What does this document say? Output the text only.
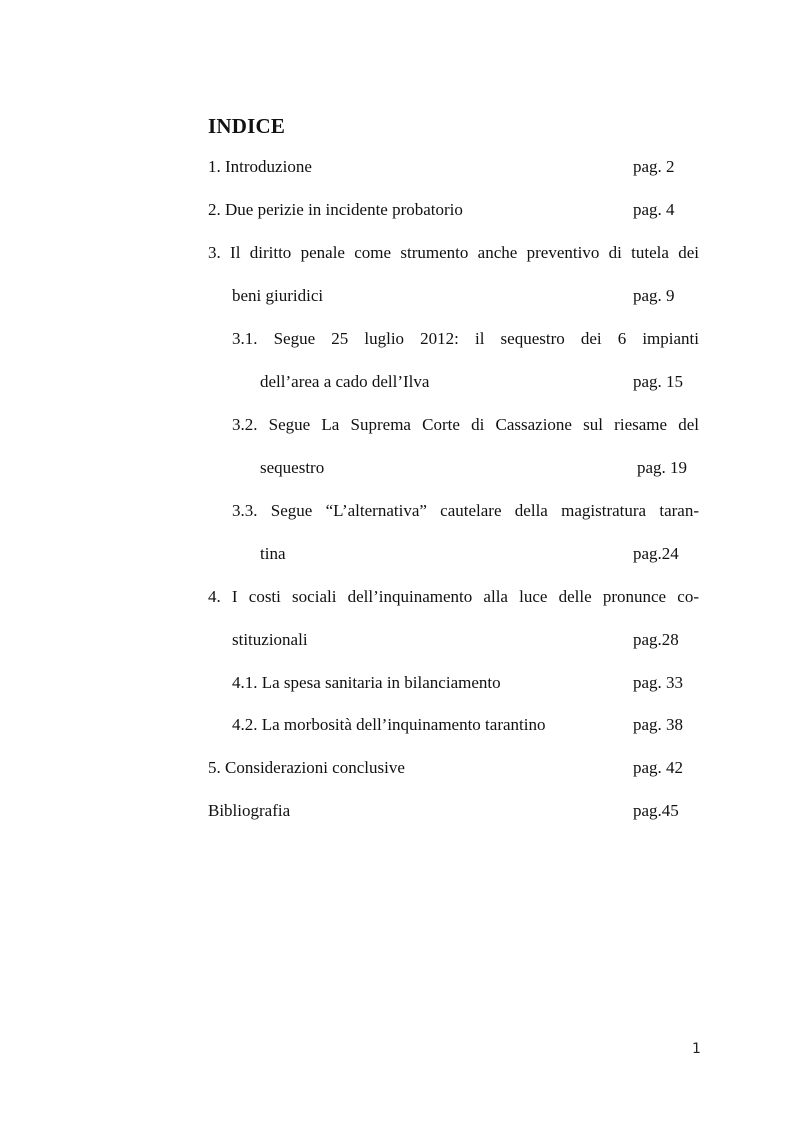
INDICE
1. Introduzione	pag. 2
2. Due perizie in incidente probatorio	pag. 4
3. Il diritto penale come strumento anche preventivo di tutela dei
beni giuridici	pag. 9
3.1. Segue 25 luglio 2012: il sequestro dei 6 impianti
dell’area a cado dell’Ilva	pag. 15
3.2. Segue La Suprema Corte di Cassazione sul riesame del
sequestro	pag. 19
3.3. Segue “L’alternativa” cautelare della magistratura taran-
tina	pag.24
4. I costi sociali dell’inquinamento alla luce delle pronunce co-
stituzionali	pag.28
4.1. La spesa sanitaria in bilanciamento	pag. 33
4.2. La morbosità dell’inquinamento tarantino	pag. 38
5. Considerazioni conclusive	pag. 42
Bibliografia	pag.45
1
